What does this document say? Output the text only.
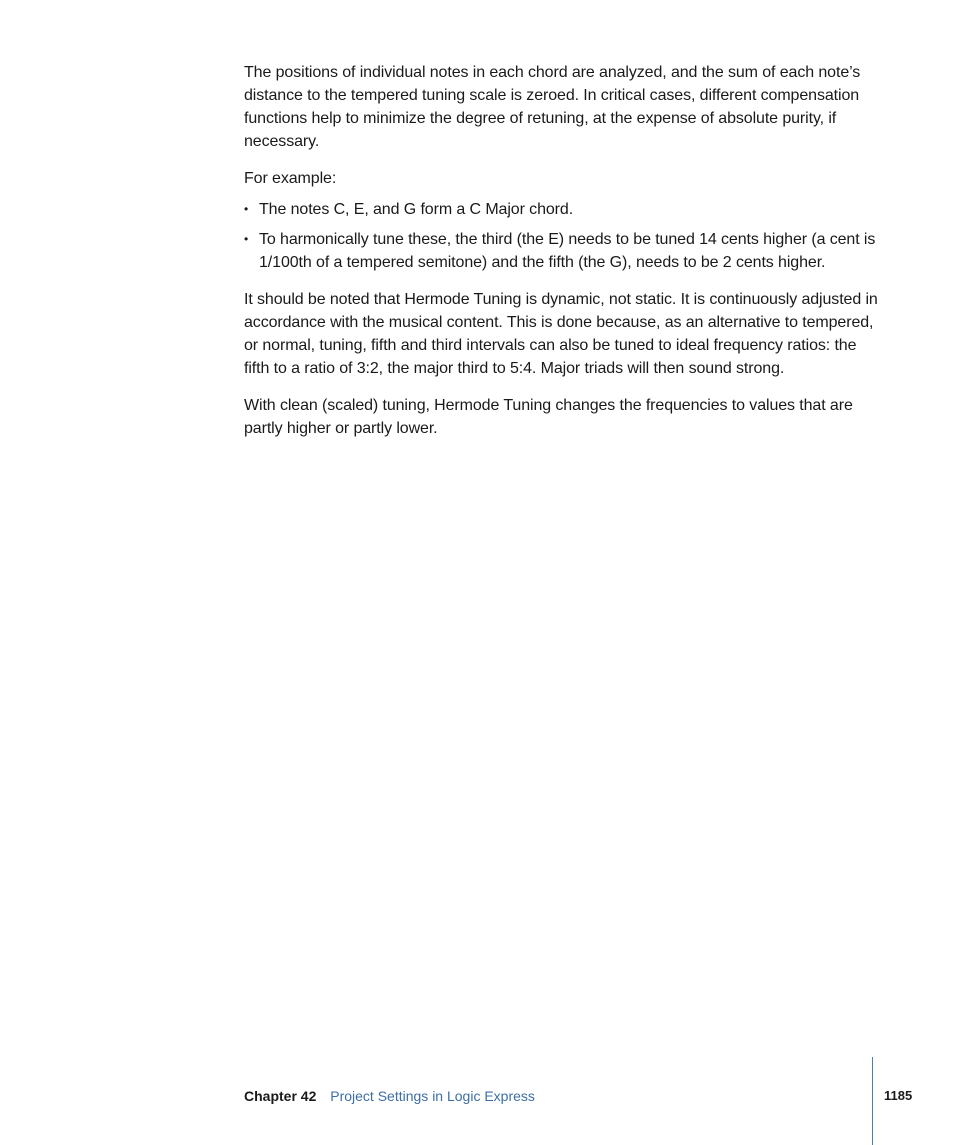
The positions of individual notes in each chord are analyzed, and the sum of each note’s distance to the tempered tuning scale is zeroed. In critical cases, different compensation functions help to minimize the degree of retuning, at the expense of absolute purity, if necessary.

For example:

• The notes C, E, and G form a C Major chord.
• To harmonically tune these, the third (the E) needs to be tuned 14 cents higher (a cent is 1/100th of a tempered semitone) and the fifth (the G), needs to be 2 cents higher.

It should be noted that Hermode Tuning is dynamic, not static. It is continuously adjusted in accordance with the musical content. This is done because, as an alternative to tempered, or normal, tuning, fifth and third intervals can also be tuned to ideal frequency ratios: the fifth to a ratio of 3:2, the major third to 5:4. Major triads will then sound strong.

With clean (scaled) tuning, Hermode Tuning changes the frequencies to values that are partly higher or partly lower.

Chapter 42 Project Settings in Logic Express	1185
